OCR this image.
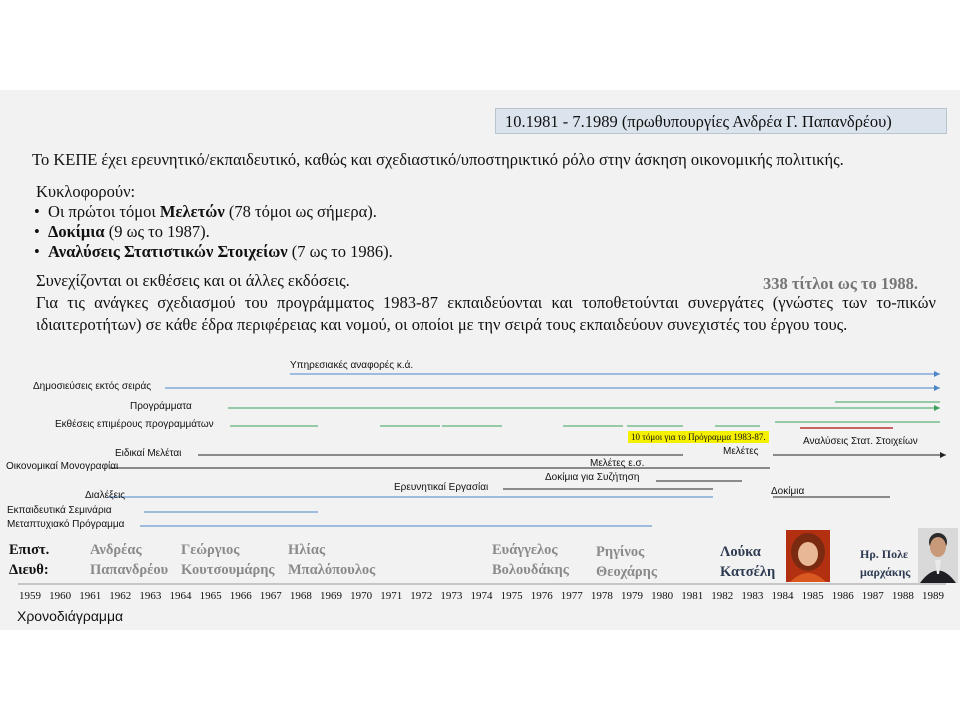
10.1981 - 7.1989 (πρωθυπουργίες Ανδρέα Γ. Παπανδρέου)
Το ΚΕΠΕ έχει ερευνητικό/εκπαιδευτικό, καθώς και σχεδιαστικό/υποστηρικτικό ρόλο στην άσκηση οικονομικής πολιτικής.
Κυκλοφορούν:
•  Οι πρώτοι τόμοι Μελετών (78 τόμοι ως σήμερα).
•  Δοκίμια (9 ως το 1987).
•  Αναλύσεις Στατιστικών Στοιχείων (7 ως το 1986).
Συνεχίζονται οι εκθέσεις και οι άλλες εκδόσεις.	338 τίτλοι ως το 1988.
Για τις ανάγκες σχεδιασμού του προγράμματος 1983-87 εκπαιδεύονται και τοποθετούνται συνεργάτες (γνώστες των το-πικών ιδιαιτεροτήτων) σε κάθε έδρα περιφέρειας και νομού, οι οποίοι με την σειρά τους εκπαιδεύουν συνεχιστές του έργου τους.
Υπηρεσιακές αναφορές κ.ά.
Δημοσιεύσεις εκτός σειράς
Προγράμματα
Εκθέσεις επιμέρους προγραμμάτων
10 τόμοι για το Πρόγραμμα 1983-87.	Αναλύσεις Στατ. Στοιχείων
Ειδικαί Μελέται	Μελέτες
Οικονομικαί Μονογραφίαι	Μελέτες ε.σ.
Δοκίμια για Συζήτηση
Ερευνητικαί Εργασίαι	Δοκίμια
Διαλέξεις
Εκπαιδευτικά Σεμινάρια
Μεταπτυχιακό Πρόγραμμα
Επιστ.
Διευθ:
Ανδρέας
Παπανδρέου
Γεώργιος
Κουτσουμάρης
Ηλίας
Μπαλόπουλος
Ευάγγελος
Βολουδάκης
Ρηγίνος
Θεοχάρης
Λούκα
Κατσέλη
Ηρ. Πολε
μαρχάκης
1959 1960 1961 1962 1963 1964 1965 1966 1967 1968 1969 1970 1971 1972 1973 1974 1975 1976 1977 1978 1979 1980 1981 1982 1983 1984 1985 1986 1987 1988 1989
Χρονοδιάγραμμα
